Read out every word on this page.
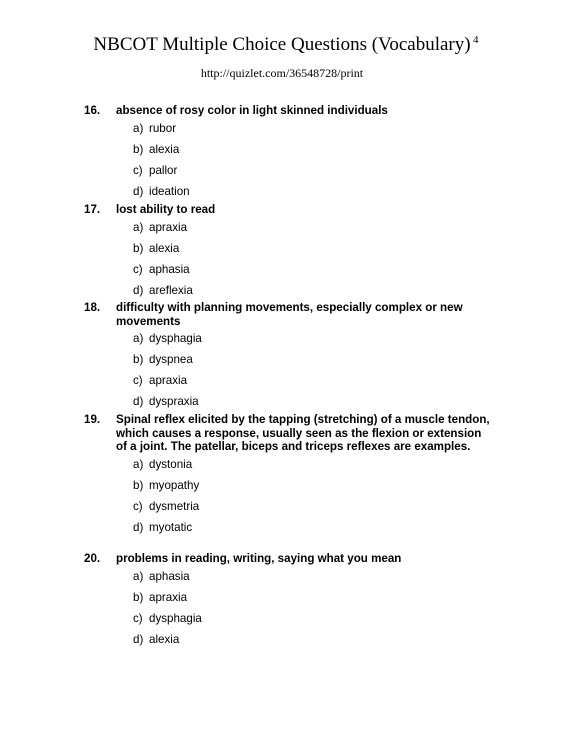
NBCOT Multiple Choice Questions (Vocabulary) 4
http://quizlet.com/36548728/print
16. absence of rosy color in light skinned individuals
a) rubor
b) alexia
c) pallor
d) ideation
17. lost ability to read
a) apraxia
b) alexia
c) aphasia
d) areflexia
18. difficulty with planning movements, especially complex or new movements
a) dysphagia
b) dyspnea
c) apraxia
d) dyspraxia
19. Spinal reflex elicited by the tapping (stretching) of a muscle tendon, which causes a response, usually seen as the flexion or extension of a joint. The patellar, biceps and triceps reflexes are examples.
a) dystonia
b) myopathy
c) dysmetria
d) myotatic
20. problems in reading, writing, saying what you mean
a) aphasia
b) apraxia
c) dysphagia
d) alexia
